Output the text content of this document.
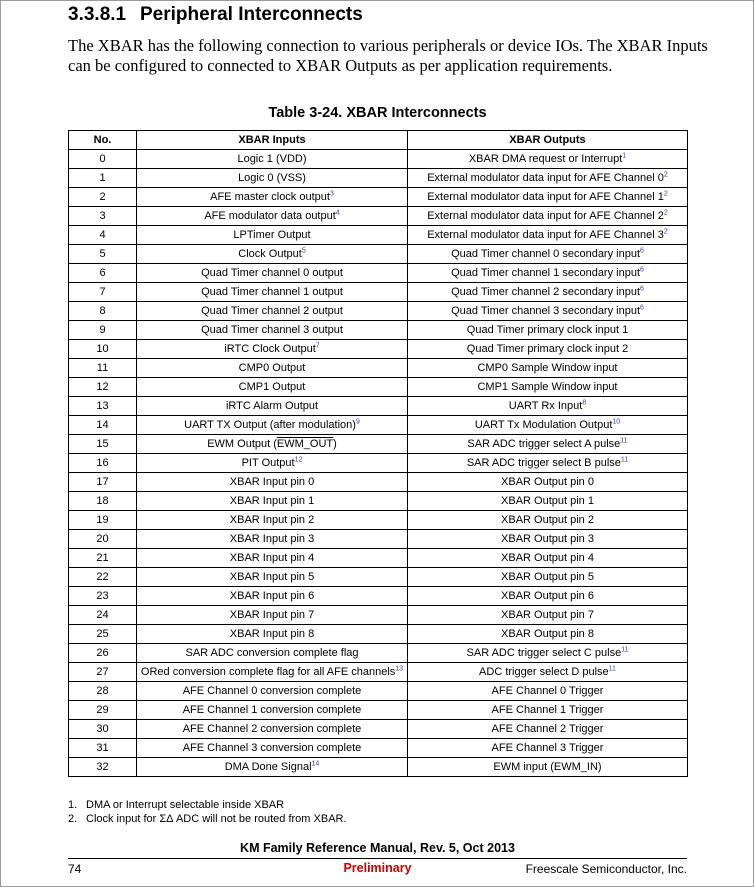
3.3.8.1 Peripheral Interconnects
The XBAR has the following connection to various peripherals or device IOs. The XBAR Inputs can be configured to connected to XBAR Outputs as per application requirements.
Table 3-24. XBAR Interconnects
No.	XBAR Inputs	XBAR Outputs
0	Logic 1 (VDD)	XBAR DMA request or Interrupt$^1$
1	Logic 0 (VSS)	External modulator data input for AFE Channel $0^2$
2	AFE master clock output$^3$	External modulator data input for AFE Channel $1^2$
3	AFE modulator data output$^4$	External modulator data input for AFE Channel $2^2$
4	LPTimer Output	External modulator data input for AFE Channel $3^2$
5	Clock Output$^5$	Quad Timer channel 0 secondary input$^6$
6	Quad Timer channel 0 output	Quad Timer channel 1 secondary input$^6$
7	Quad Timer channel 1 output	Quad Timer channel 2 secondary input$^6$
8	Quad Timer channel 2 output	Quad Timer channel 3 secondary input$^6$
9	Quad Timer channel 3 output	Quad Timer primary clock input 1
10	iRTC Clock Output$^7$	Quad Timer primary clock input 2
11	CMP0 Output	CMP0 Sample Window input
12	CMP1 Output	CMP1 Sample Window input
13	iRTC Alarm Output	UART Rx Input$^8$
14	UART TX Output (after modulation)$^9$	UART Tx Modulation Output$^{10}$
15	EWM Output (EWM_OUT)	SAR ADC trigger select A pulse$^{11}$
16	PIT Output$^{12}$	SAR ADC trigger select B pulse$^{11}$
17	XBAR Input pin 0	XBAR Output pin 0
18	XBAR Input pin 1	XBAR Output pin 1
19	XBAR Input pin 2	XBAR Output pin 2
20	XBAR Input pin 3	XBAR Output pin 3
21	XBAR Input pin 4	XBAR Output pin 4
22	XBAR Input pin 5	XBAR Output pin 5
23	XBAR Input pin 6	XBAR Output pin 6
24	XBAR Input pin 7	XBAR Output pin 7
25	XBAR Input pin 8	XBAR Output pin 8
26	SAR ADC conversion complete flag	SAR ADC trigger select C pulse$^{11}$
27	ORed conversion complete flag for all AFE channels$^{13}$	ADC trigger select D pulse$^{11}$
28	AFE Channel 0 conversion complete	AFE Channel 0 Trigger
29	AFE Channel 1 conversion complete	AFE Channel 1 Trigger
30	AFE Channel 2 conversion complete	AFE Channel 2 Trigger
31	AFE Channel 3 conversion complete	AFE Channel 3 Trigger
32	DMA Done Signal$^{14}$	EWM input (EWM_IN)
1. DMA or Interrupt selectable inside XBAR
2. Clock input for ΣΔ ADC will not be routed from XBAR.
KM Family Reference Manual, Rev. 5, Oct 2013
74	Preliminary	Freescale Semiconductor, Inc.
